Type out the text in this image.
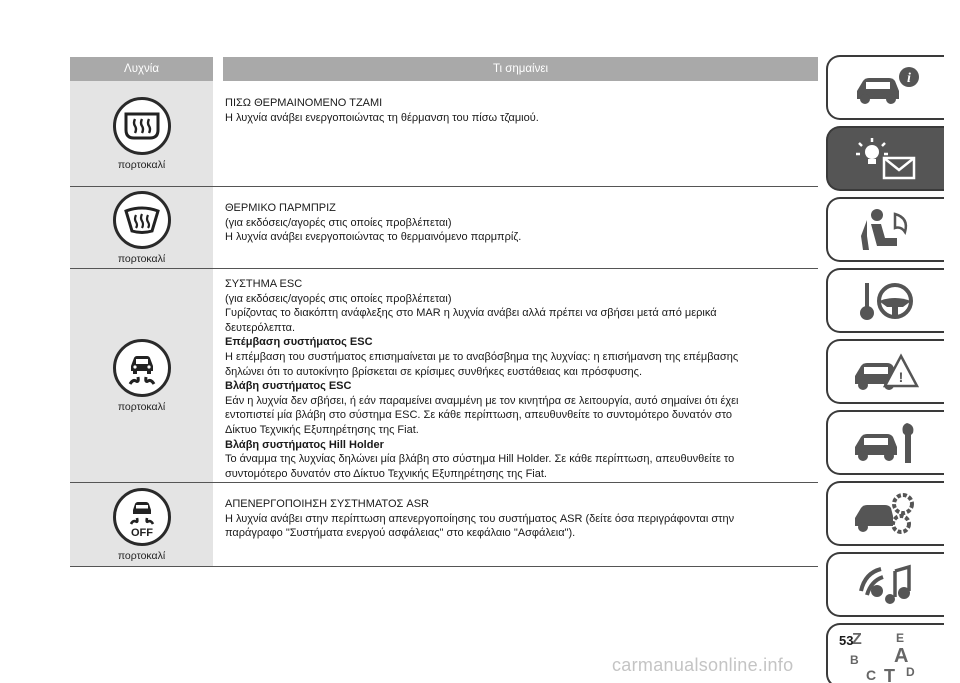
Λυχνία	Τι σημαίνει
πορτοκαλί
ΠΙΣΩ ΘΕΡΜΑΙΝΟΜΕΝΟ ΤΖΑΜΙ
Η λυχνία ανάβει ενεργοποιώντας τη θέρμανση του πίσω τζαμιού.
πορτοκαλί
ΘΕΡΜΙΚΟ ΠΑΡΜΠΡΙΖ
(για εκδόσεις/αγορές στις οποίες προβλέπεται)
Η λυχνία ανάβει ενεργοποιώντας το θερμαινόμενο παρμπρίζ.
πορτοκαλί
ΣΥΣΤΗΜΑ ESC
(για εκδόσεις/αγορές στις οποίες προβλέπεται)
Γυρίζοντας το διακόπτη ανάφλεξης στο MAR η λυχνία ανάβει αλλά πρέπει να σβήσει μετά από μερικά
δευτερόλεπτα.
Επέμβαση συστήματος ESC
Η επέμβαση του συστήματος επισημαίνεται με το αναβόσβημα της λυχνίας: η επισήμανση της επέμβασης
δηλώνει ότι το αυτοκίνητο βρίσκεται σε κρίσιμες συνθήκες ευστάθειας και πρόσφυσης.
Βλάβη συστήματος ESC
Εάν η λυχνία δεν σβήσει, ή εάν παραμείνει αναμμένη με τον κινητήρα σε λειτουργία, αυτό σημαίνει ότι έχει
εντοπιστεί μία βλάβη στο σύστημα ESC. Σε κάθε περίπτωση, απευθυνθείτε το συντομότερο δυνατόν στο
Δίκτυο Τεχνικής Εξυπηρέτησης της Fiat.
Βλάβη συστήματος Hill Holder
Το άναμμα της λυχνίας δηλώνει μία βλάβη στο σύστημα Hill Holder. Σε κάθε περίπτωση, απευθυνθείτε το
συντομότερο δυνατόν στο Δίκτυο Τεχνικής Εξυπηρέτησης της Fiat.
OFF
πορτοκαλί
ΑΠΕΝΕΡΓΟΠΟΙΗΣΗ ΣΥΣΤΗΜΑΤΟΣ ASR
Η λυχνία ανάβει στην περίπτωση απενεργοποίησης του συστήματος ASR (δείτε όσα περιγράφονται στην
παράγραφο "Συστήματα ενεργού ασφάλειας" στο κεφάλαιο "Ασφάλεια").
i
!
Z	E
B A
C T D
53
carmanualsonline.info
